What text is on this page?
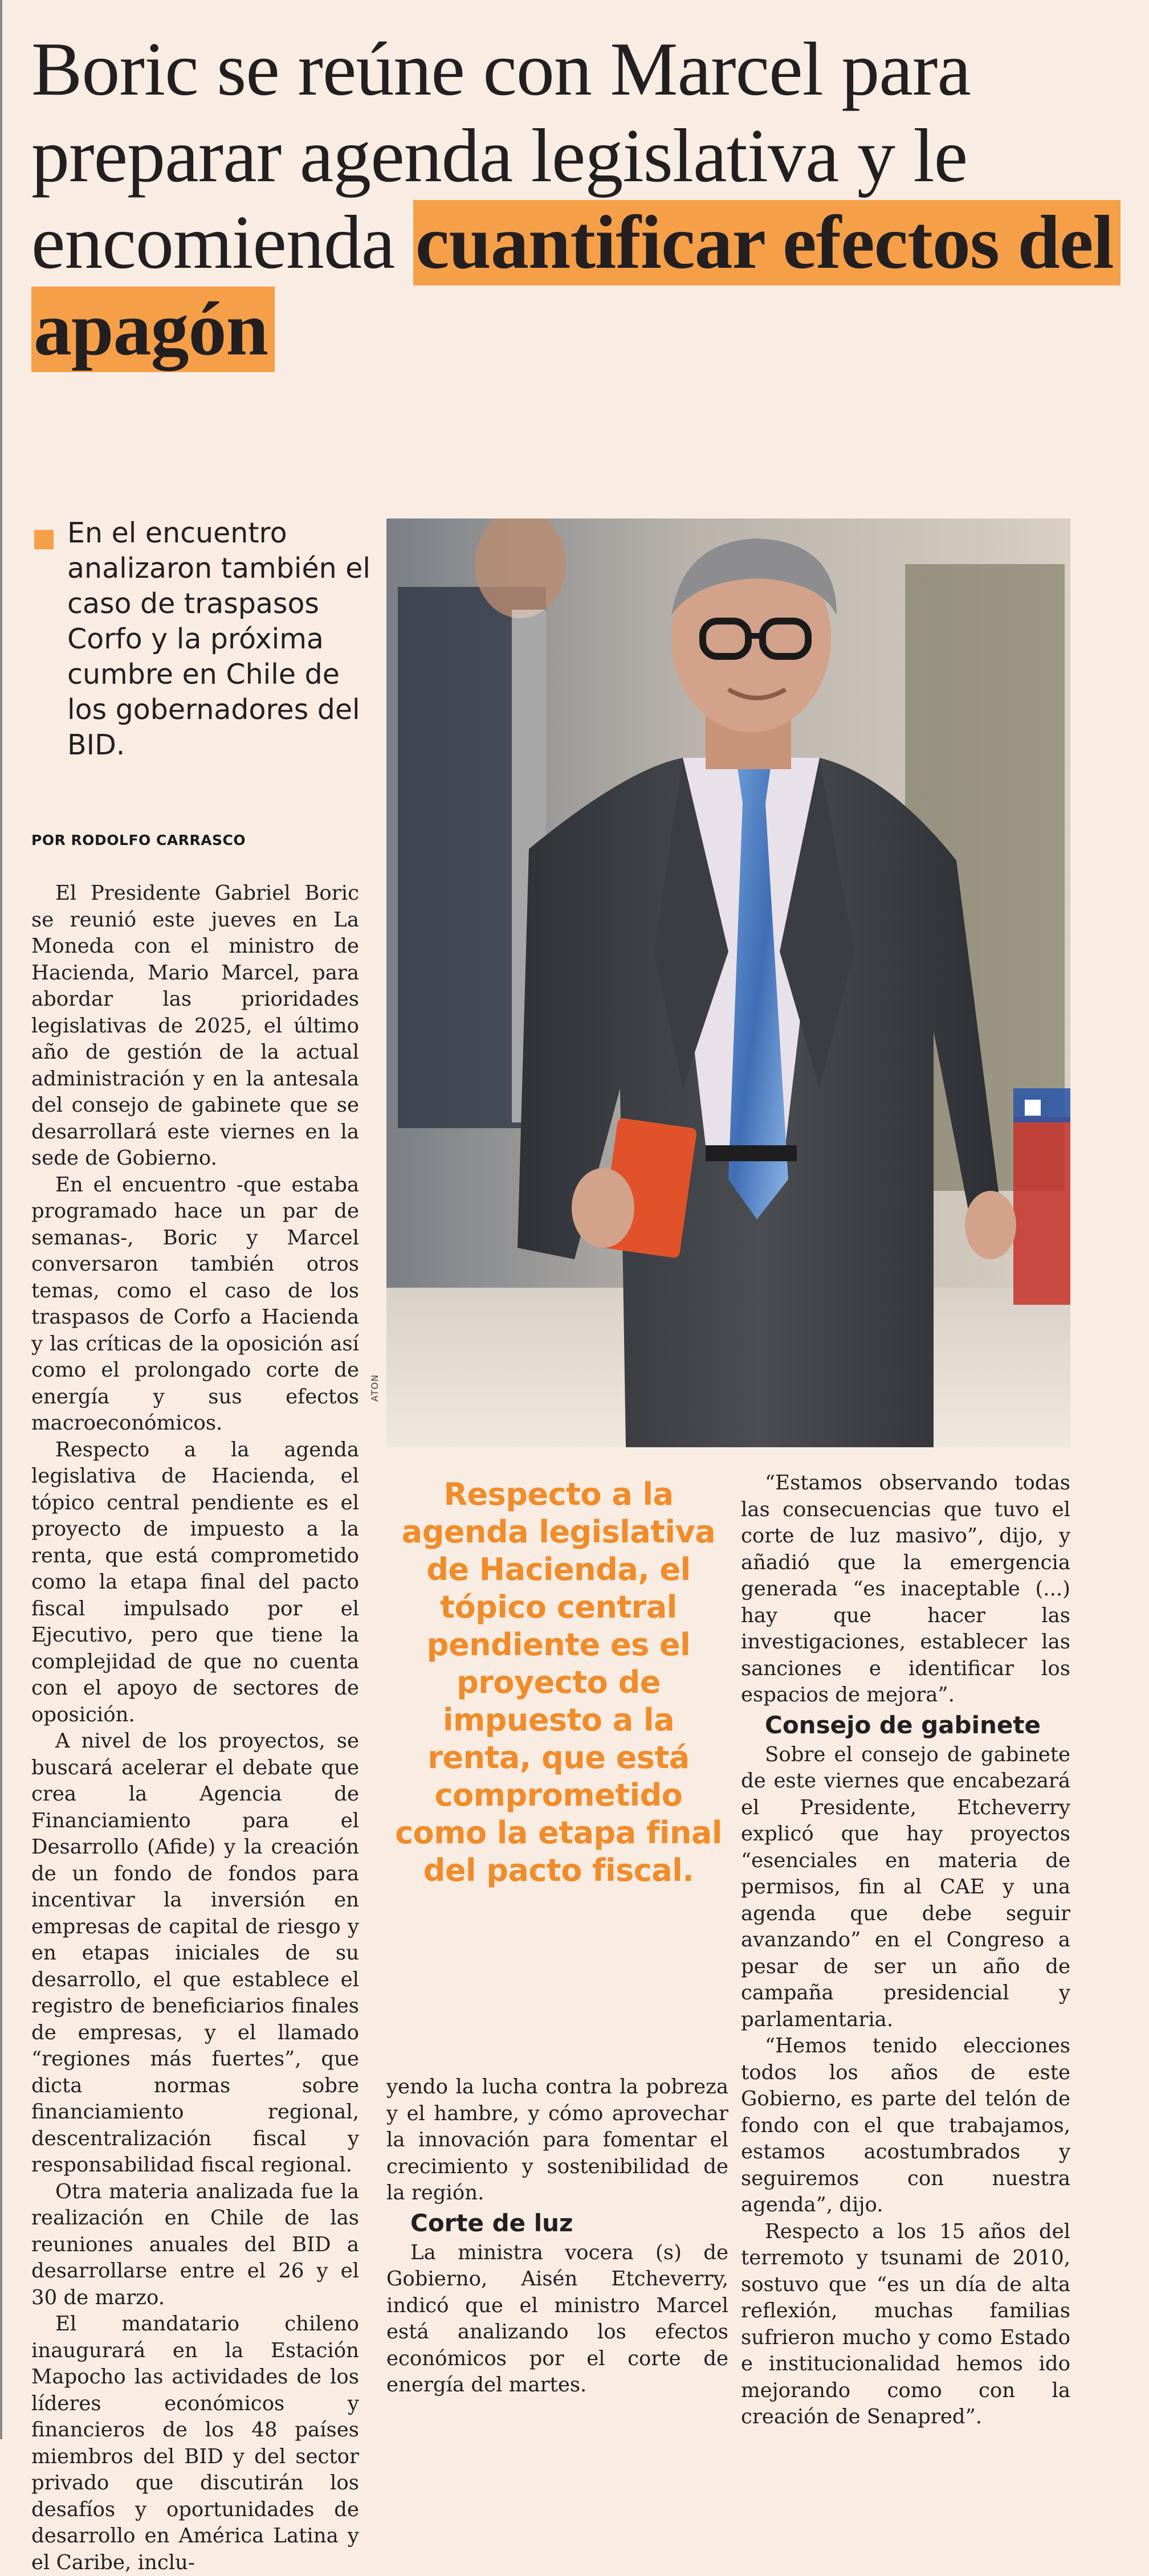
Boric se reúne con Marcel para preparar agenda legislativa y le encomienda cuantificar efectos del apagón
En el encuentro analizaron también el caso de traspasos Corfo y la próxima cumbre en Chile de los gobernadores del BID.
POR RODOLFO CARRASCO

El Presidente Gabriel Boric se reunió este jueves en La Moneda con el ministro de Hacienda, Mario Marcel, para abordar las prioridades legislativas de 2025, el último año de gestión de la actual administración y en la antesala del consejo de gabinete que se desarrollará este viernes en la sede de Gobierno.

En el encuentro -que estaba programado hace un par de semanas-, Boric y Marcel conversaron también otros temas, como el caso de los traspasos de Corfo a Hacienda y las críticas de la oposición así como el prolongado corte de energía y sus efectos macroeconómicos.

Respecto a la agenda legislativa de Hacienda, el tópico central pendiente es el proyecto de impuesto a la renta, que está comprometido como la etapa final del pacto fiscal impulsado por el Ejecutivo, pero que tiene la complejidad de que no cuenta con el apoyo de sectores de oposición.

A nivel de los proyectos, se buscará acelerar el debate que crea la Agencia de Financiamiento para el Desarrollo (Afide) y la creación de un fondo de fondos para incentivar la inversión en empresas de capital de riesgo y en etapas iniciales de su desarrollo, el que establece el registro de beneficiarios finales de empresas, y el llamado “regiones más fuertes”, que dicta normas sobre financiamiento regional, descentralización fiscal y responsabilidad fiscal regional.

Otra materia analizada fue la realización en Chile de las reuniones anuales del BID a desarrollarse entre el 26 y el 30 de marzo.

El mandatario chileno inaugurará en la Estación Mapocho las actividades de los líderes económicos y financieros de los 48 países miembros del BID y del sector privado que discutirán los desafíos y oportunidades de desarrollo en América Latina y el Caribe, inclu-

ATON
Respecto a la agenda legislativa de Hacienda, el tópico central pendiente es el proyecto de impuesto a la renta, que está comprometido como la etapa final del pacto fiscal.

yendo la lucha contra la pobreza y el hambre, y cómo aprovechar la innovación para fomentar el crecimiento y sostenibilidad de la región.

Corte de luz

La ministra vocera (s) de Gobierno, Aisén Etcheverry, indicó que el ministro Marcel está analizando los efectos económicos por el corte de energía del martes.

“Estamos observando todas las consecuencias que tuvo el corte de luz masivo”, dijo, y añadió que la emergencia generada “es inaceptable (...) hay que hacer las investigaciones, establecer las sanciones e identificar los espacios de mejora”.

Consejo de gabinete

Sobre el consejo de gabinete de este viernes que encabezará el Presidente, Etcheverry explicó que hay proyectos “esenciales en materia de permisos, fin al CAE y una agenda que debe seguir avanzando” en el Congreso a pesar de ser un año de campaña presidencial y parlamentaria.

“Hemos tenido elecciones todos los años de este Gobierno, es parte del telón de fondo con el que trabajamos, estamos acostumbrados y seguiremos con nuestra agenda”, dijo.

Respecto a los 15 años del terremoto y tsunami de 2010, sostuvo que “es un día de alta reflexión, muchas familias sufrieron mucho y como Estado e institucionalidad hemos ido mejorando como con la creación de Senapred”.
